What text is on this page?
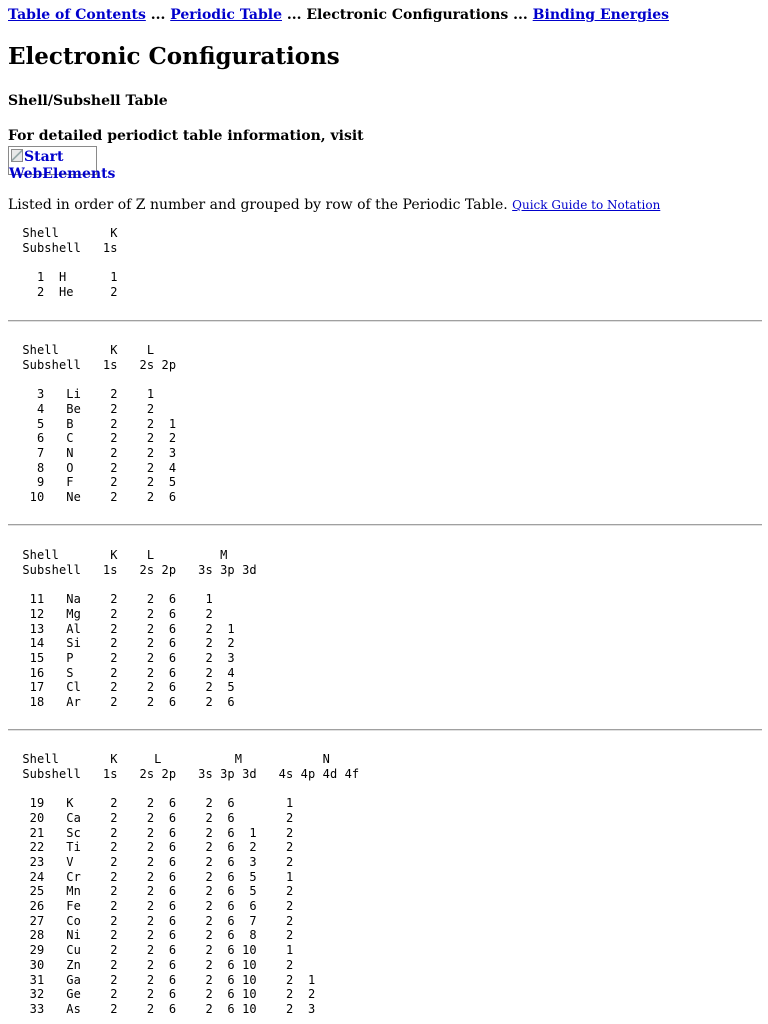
Table of Contents ... Periodic Table ... Electronic Configurations ... Binding Energies
Electronic Configurations

Shell/Subshell Table

For detailed periodict table information, visit

Start WebElements

Listed in order of Z number and grouped by row of the Periodic Table. Quick Guide to Notation

Shell       K
Subshell   1s

1  H      1
2  He     2

Shell       K    L
Subshell   1s   2s 2p

3   Li    2    1
4   Be    2    2
5   B     2    2  1
6   C     2    2  2
7   N     2    2  3
8   O     2    2  4
9   F     2    2  5
10   Ne    2    2  6

Shell       K    L         M
Subshell   1s   2s 2p   3s 3p 3d

11   Na    2    2  6    1
12   Mg    2    2  6    2
13   Al    2    2  6    2  1
14   Si    2    2  6    2  2
15   P     2    2  6    2  3
16   S     2    2  6    2  4
17   Cl    2    2  6    2  5
18   Ar    2    2  6    2  6

Shell       K     L          M           N
Subshell   1s   2s 2p   3s 3p 3d   4s 4p 4d 4f

19   K     2    2  6    2  6       1
20   Ca    2    2  6    2  6       2
21   Sc    2    2  6    2  6  1    2
22   Ti    2    2  6    2  6  2    2
23   V     2    2  6    2  6  3    2
24   Cr    2    2  6    2  6  5    1
25   Mn    2    2  6    2  6  5    2
26   Fe    2    2  6    2  6  6    2
27   Co    2    2  6    2  6  7    2
28   Ni    2    2  6    2  6  8    2
29   Cu    2    2  6    2  6 10    1
30   Zn    2    2  6    2  6 10    2
31   Ga    2    2  6    2  6 10    2  1
32   Ge    2    2  6    2  6 10    2  2
33   As    2    2  6    2  6 10    2  3
